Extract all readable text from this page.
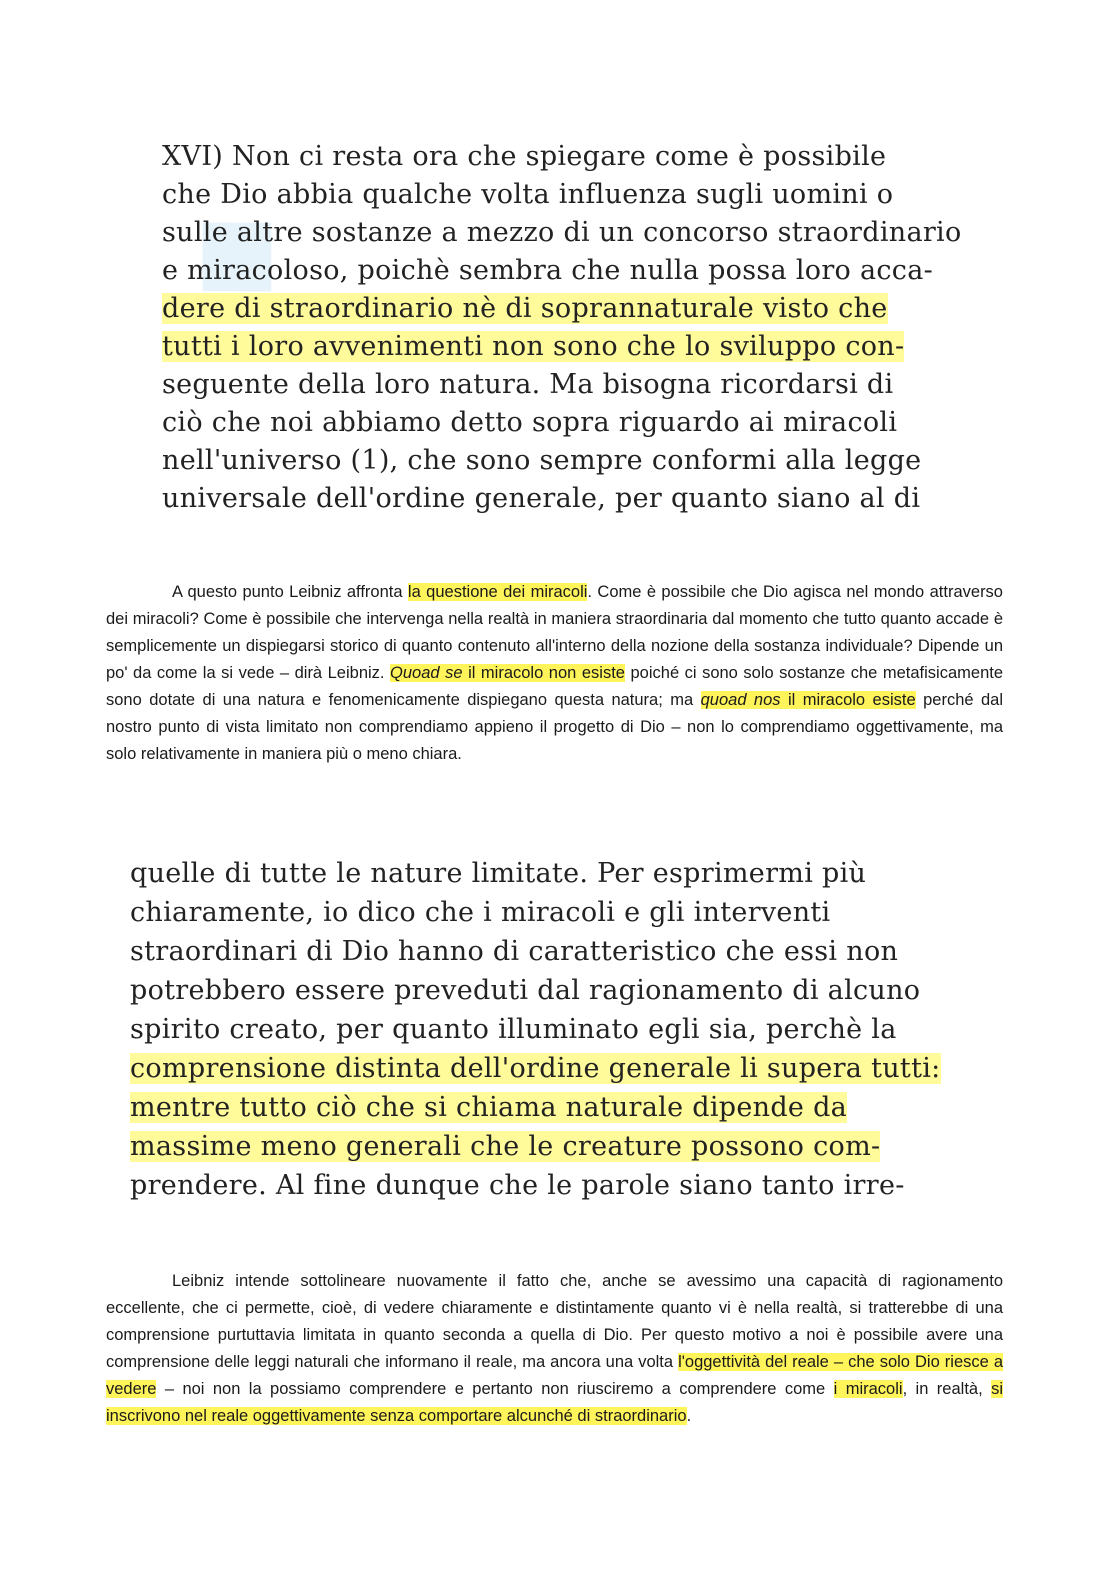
◆
XVI) Non ci resta ora che spiegare come è possibile
che Dio abbia qualche volta influenza sugli uomini o
sulle altre sostanze a mezzo di un concorso straordinario
e miracoloso, poichè sembra che nulla possa loro acca-
dere di straordinario nè di soprannaturale visto che
tutti i loro avvenimenti non sono che lo sviluppo con-
seguente della loro natura. Ma bisogna ricordarsi di
ciò che noi abbiamo detto sopra riguardo ai miracoli
nell'universo (1), che sono sempre conformi alla legge
universale dell'ordine generale, per quanto siano al di

A questo punto Leibniz affronta la questione dei miracoli. Come è possibile che Dio agisca nel mondo attraverso dei miracoli? Come è possibile che intervenga nella realtà in maniera straordinaria dal momento che tutto quanto accade è semplicemente un dispiegarsi storico di quanto contenuto all'interno della nozione della sostanza individuale? Dipende un po' da come la si vede – dirà Leibniz. Quoad se il miracolo non esiste poiché ci sono solo sostanze che metafisicamente sono dotate di una natura e fenomenicamente dispiegano questa natura; ma quoad nos il miracolo esiste perché dal nostro punto di vista limitato non comprendiamo appieno il progetto di Dio – non lo comprendiamo oggettivamente, ma solo relativamente in maniera più o meno chiara.

quelle di tutte le nature limitate. Per esprimermi più
chiaramente, io dico che i miracoli e gli interventi
straordinari di Dio hanno di caratteristico che essi non
potrebbero essere preveduti dal ragionamento di alcuno
spirito creato, per quanto illuminato egli sia, perchè la
comprensione distinta dell'ordine generale li supera tutti:
mentre tutto ciò che si chiama naturale dipende da
massime meno generali che le creature possono com-
prendere. Al fine dunque che le parole siano tanto irre-

Leibniz intende sottolineare nuovamente il fatto che, anche se avessimo una capacità di ragionamento eccellente, che ci permette, cioè, di vedere chiaramente e distintamente quanto vi è nella realtà, si tratterebbe di una comprensione purtuttavia limitata in quanto seconda a quella di Dio. Per questo motivo a noi è possibile avere una comprensione delle leggi naturali che informano il reale, ma ancora una volta l'oggettività del reale – che solo Dio riesce a vedere – noi non la possiamo comprendere e pertanto non riusciremo a comprendere come i miracoli, in realtà, si inscrivono nel reale oggettivamente senza comportare alcunché di straordinario.
